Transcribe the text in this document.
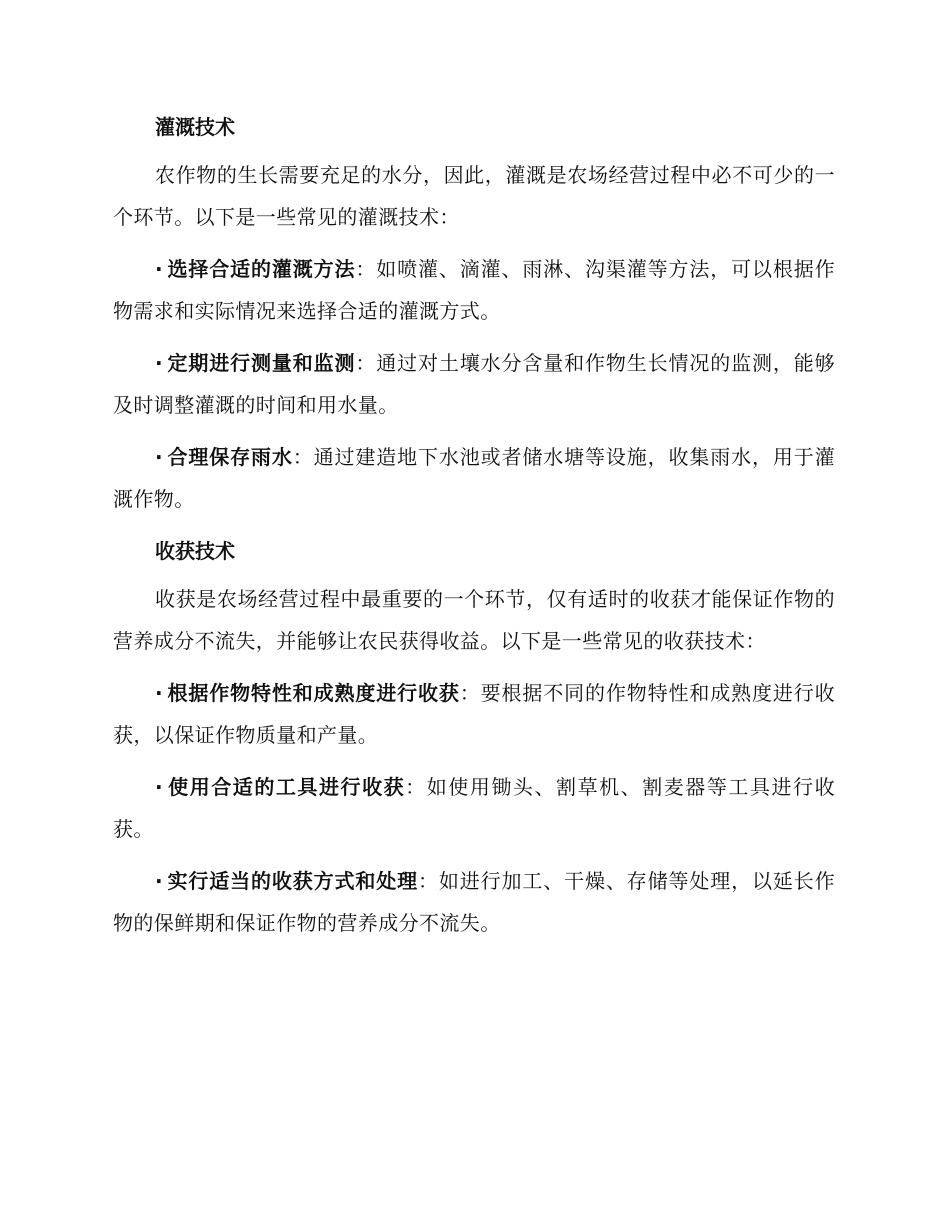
灌溉技术

农作物的生长需要充足的水分，因此，灌溉是农场经营过程中必不可少的一个环节。以下是一些常见的灌溉技术：

· 选择合适的灌溉方法：如喷灌、滴灌、雨淋、沟渠灌等方法，可以根据作物需求和实际情况来选择合适的灌溉方式。

· 定期进行测量和监测：通过对土壤水分含量和作物生长情况的监测，能够及时调整灌溉的时间和用水量。

· 合理保存雨水：通过建造地下水池或者储水塘等设施，收集雨水，用于灌溉作物。

收获技术

收获是农场经营过程中最重要的一个环节，仅有适时的收获才能保证作物的营养成分不流失，并能够让农民获得收益。以下是一些常见的收获技术：

· 根据作物特性和成熟度进行收获：要根据不同的作物特性和成熟度进行收获，以保证作物质量和产量。

· 使用合适的工具进行收获：如使用锄头、割草机、割麦器等工具进行收获。

· 实行适当的收获方式和处理：如进行加工、干燥、存储等处理，以延长作物的保鲜期和保证作物的营养成分不流失。
